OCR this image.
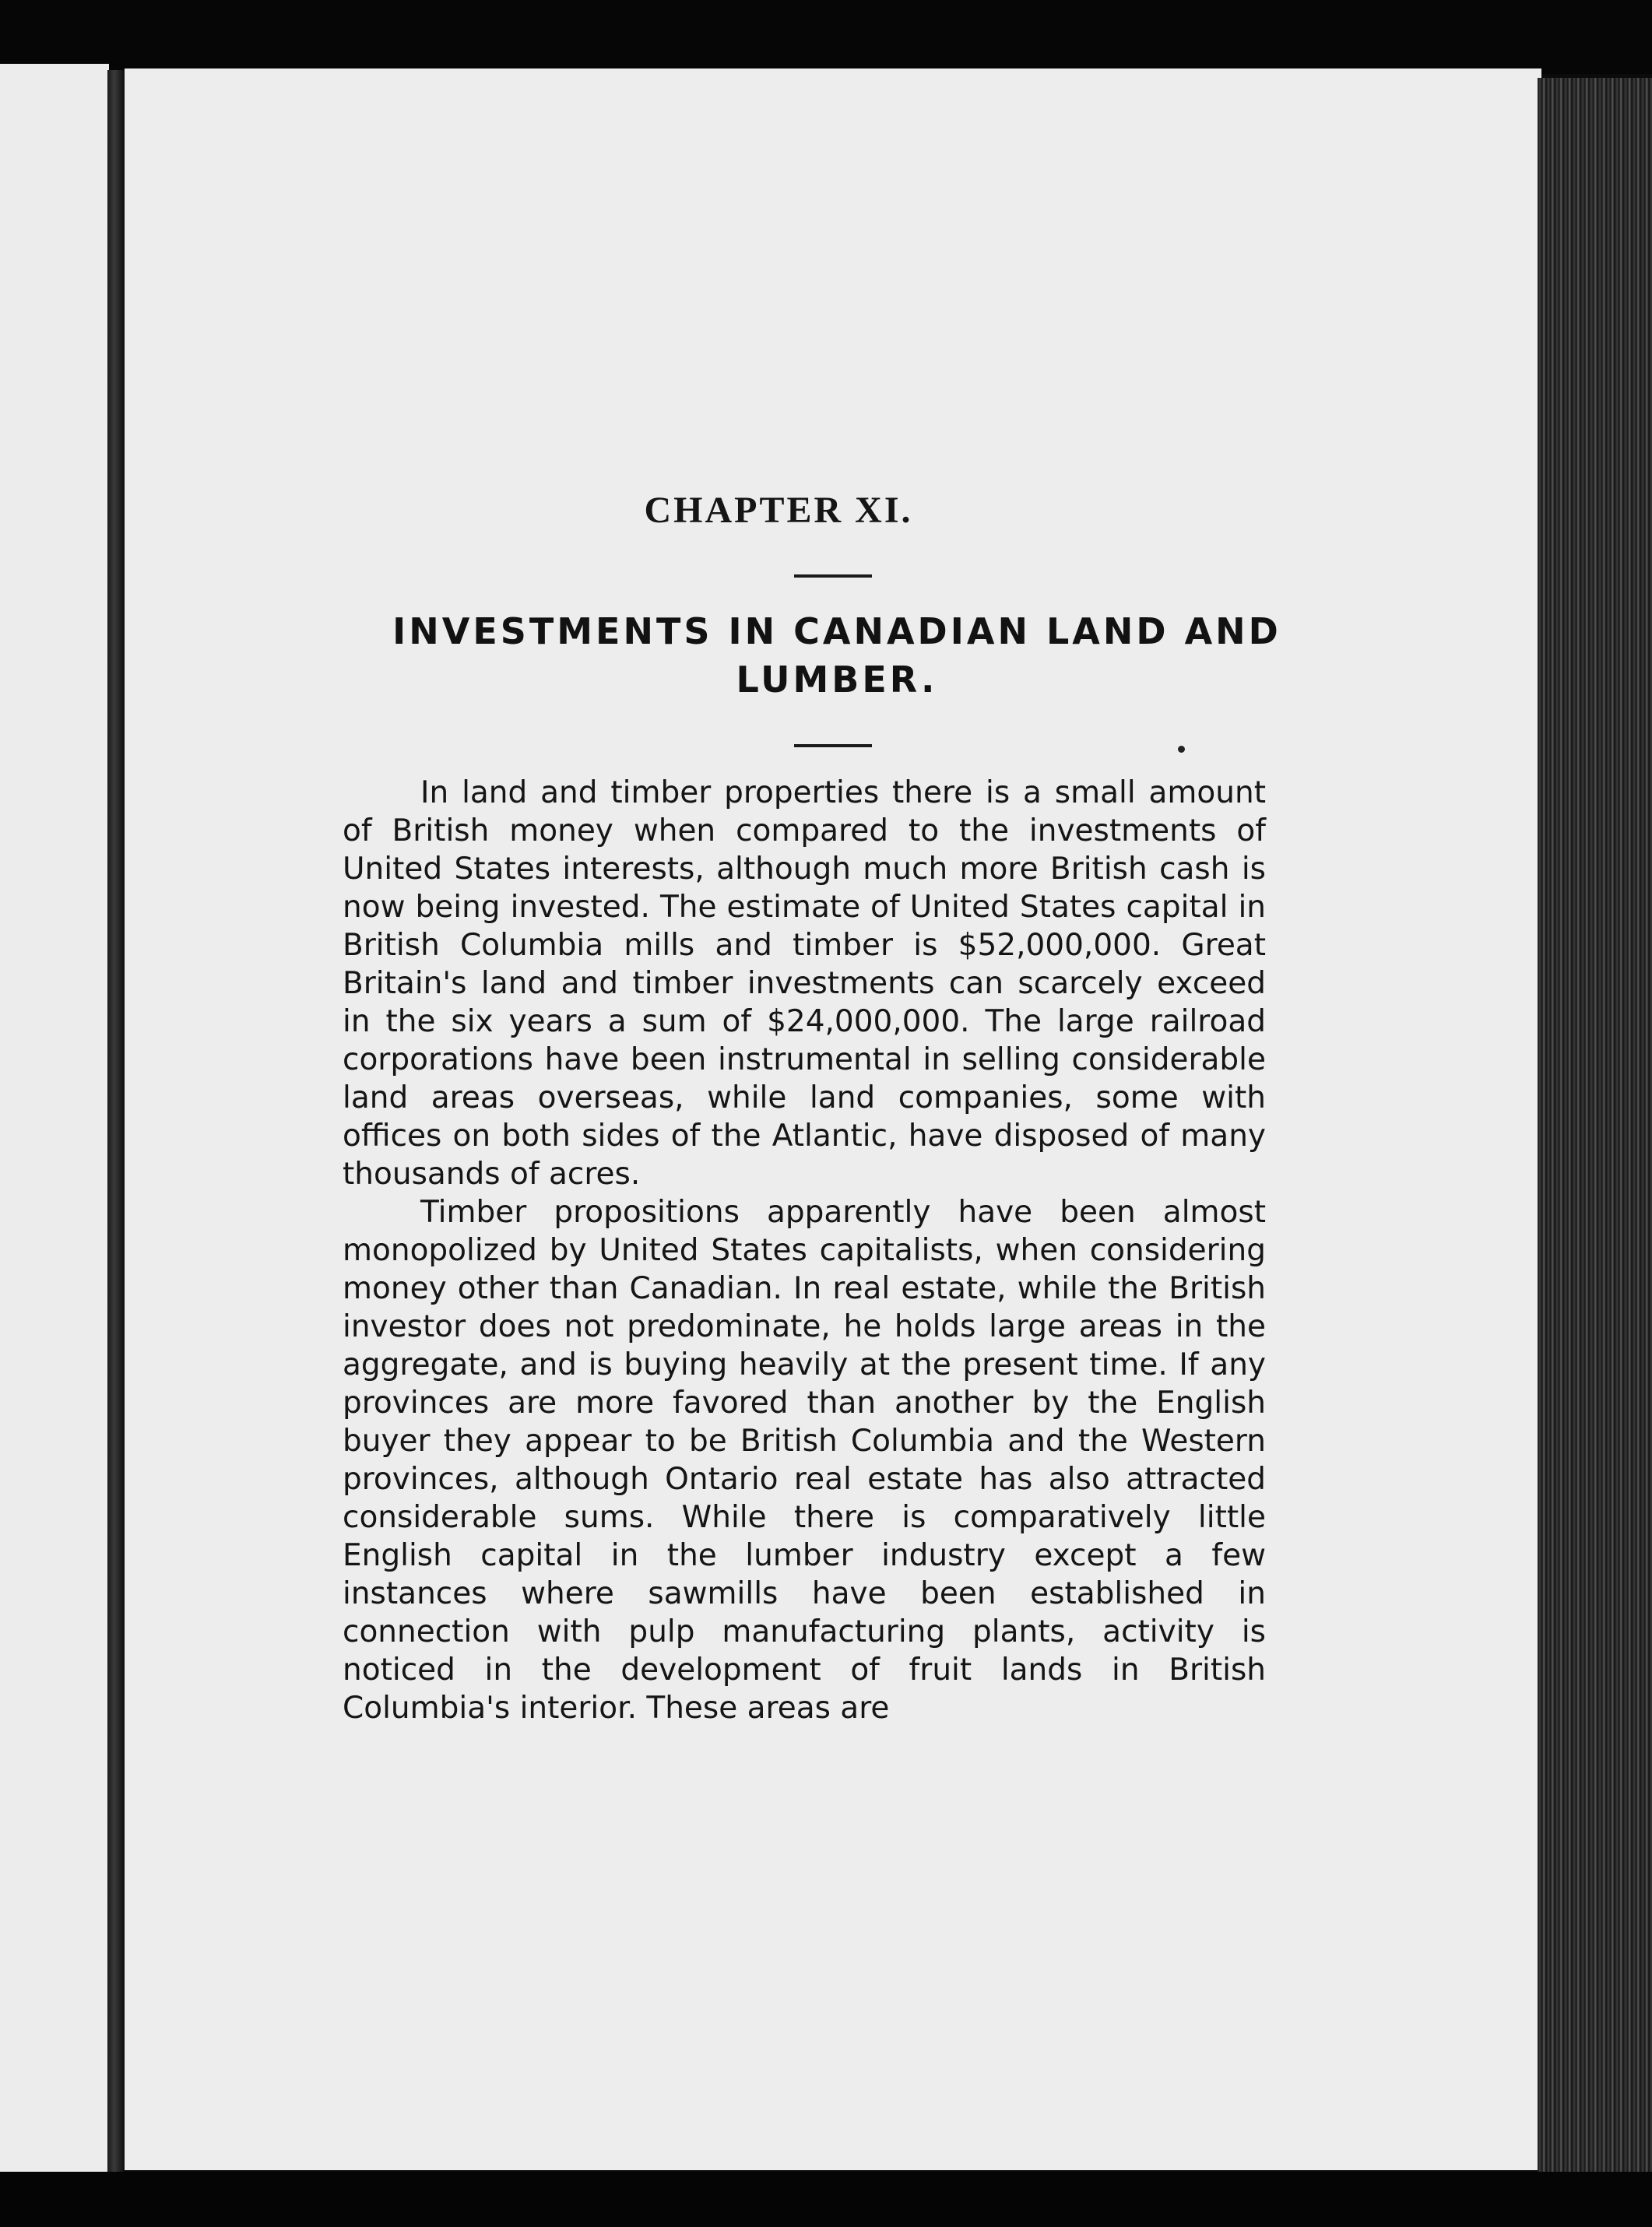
CHAPTER XI.
INVESTMENTS IN CANADIAN LAND AND
LUMBER.

In land and timber properties there is a small amount of British money when compared to the investments of United States interests, although much more British cash is now being invested. The estimate of United States capital in British Columbia mills and timber is $52,000,000. Great Britain's land and timber investments can scarcely exceed in the six years a sum of $24,000,000. The large railroad corporations have been instrumental in selling considerable land areas overseas, while land companies, some with offices on both sides of the Atlantic, have disposed of many thousands of acres.

Timber propositions apparently have been almost monopolized by United States capitalists, when considering money other than Canadian. In real estate, while the British investor does not predominate, he holds large areas in the aggregate, and is buying heavily at the present time. If any provinces are more favored than another by the English buyer they appear to be British Columbia and the Western provinces, although Ontario real estate has also attracted considerable sums. While there is comparatively little English capital in the lumber industry except a few instances where sawmills have been established in connection with pulp manufacturing plants, activity is noticed in the development of fruit lands in British Columbia's interior. These areas are
